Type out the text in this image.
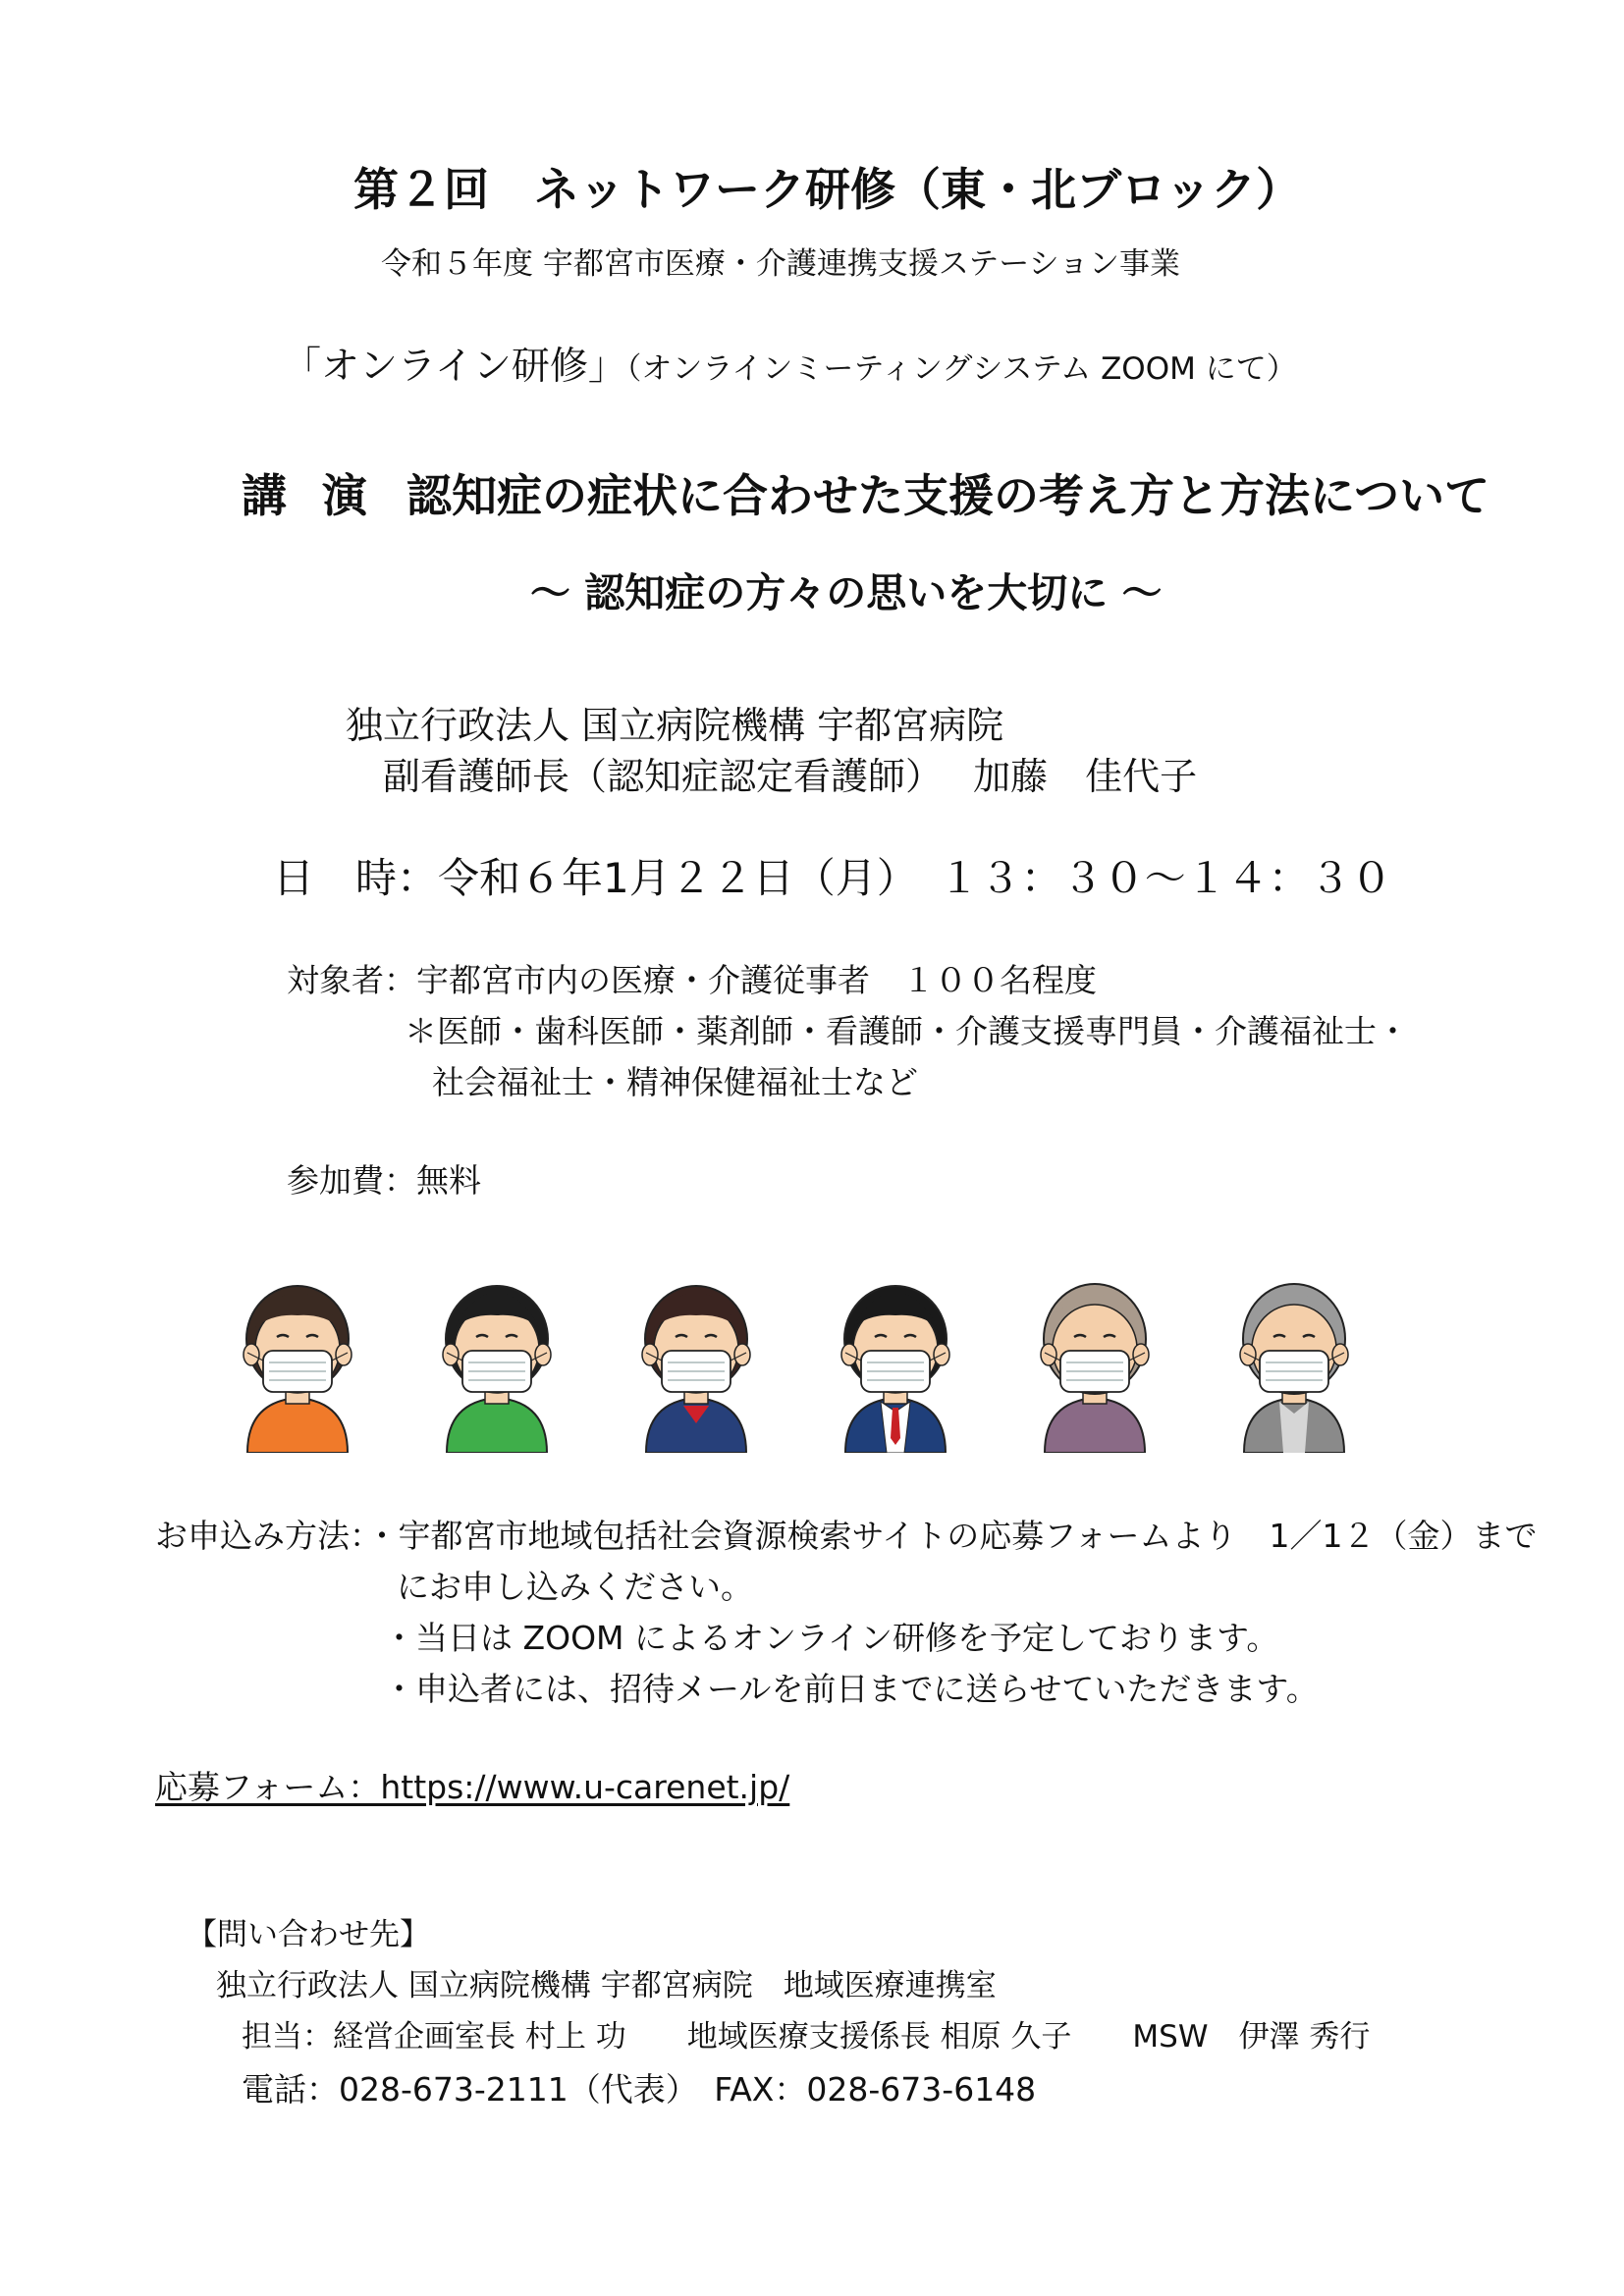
第２回　ネットワーク研修（東・北ブロック）
令和５年度 宇都宮市医療・介護連携支援ステーション事業
「オンライン研修」（オンラインミーティングシステム ZOOM にて）
講 演 認知症の症状に合わせた支援の考え方と方法について
～ 認知症の方々の思いを大切に ～
独立行政法人 国立病院機構 宇都宮病院
副看護師長（認知症認定看護師）　 加藤　佳代子
日　時：令和６年1月２２日（月）　１３：３０～１４：３０
対象者：宇都宮市内の医療・介護従事者　１００名程度
＊医師・歯科医師・薬剤師・看護師・介護支援専門員・介護福祉士・
社会福祉士・精神保健福祉士など
参加費：無料
お申込み方法：・宇都宮市地域包括社会資源検索サイトの応募フォームより　1／1２（金）まで
にお申し込みください。
・当日は ZOOM によるオンライン研修を予定しております。
・申込者には、招待メールを前日までに送らせていただきます。
応募フォーム：https://www.u-carenet.jp/
【問い合わせ先】
独立行政法人 国立病院機構 宇都宮病院　地域医療連携室
担当：経営企画室長 村上 功　　地域医療支援係長 相原 久子　　MSW　伊澤 秀行
電話：028-673-2111（代表）　FAX：028-673-6148
